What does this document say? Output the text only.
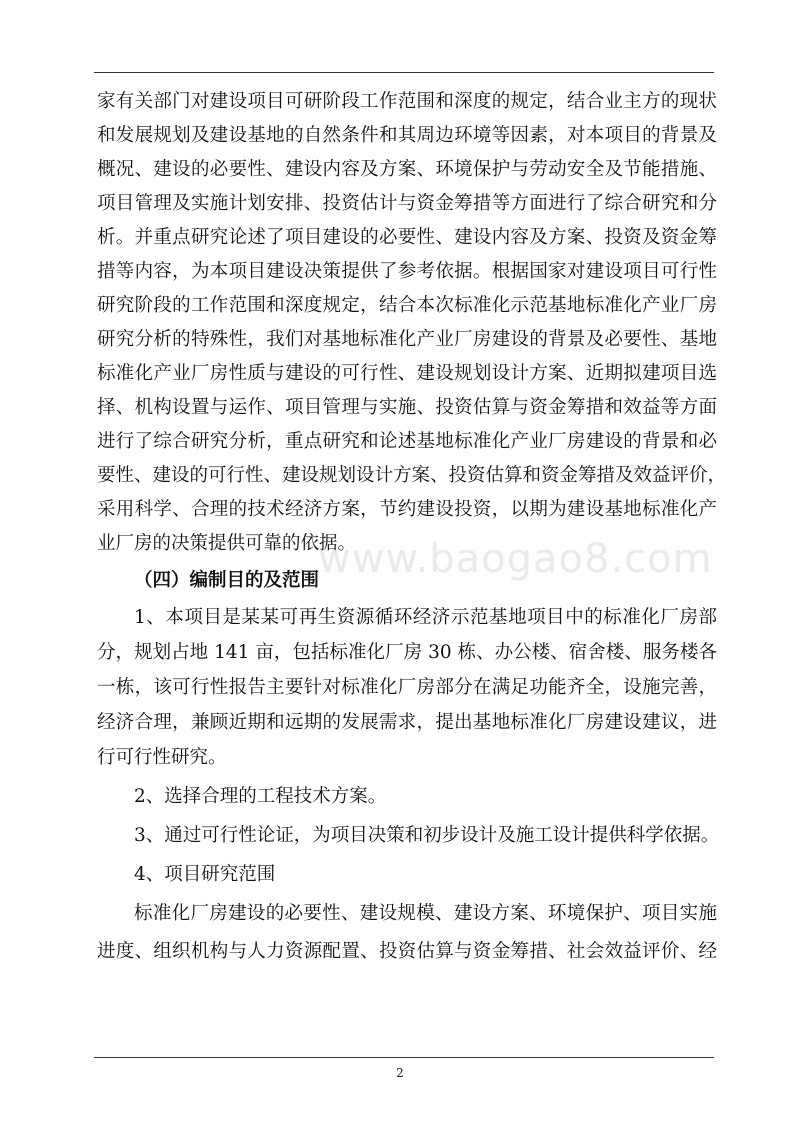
家有关部门对建设项目可研阶段工作范围和深度的规定，结合业主方的现状
和发展规划及建设基地的自然条件和其周边环境等因素，对本项目的背景及
概况、建设的必要性、建设内容及方案、环境保护与劳动安全及节能措施、
项目管理及实施计划安排、投资估计与资金筹措等方面进行了综合研究和分
析。并重点研究论述了项目建设的必要性、建设内容及方案、投资及资金筹
措等内容，为本项目建设决策提供了参考依据。根据国家对建设项目可行性
研究阶段的工作范围和深度规定，结合本次标准化示范基地标准化产业厂房
研究分析的特殊性，我们对基地标准化产业厂房建设的背景及必要性、基地
标准化产业厂房性质与建设的可行性、建设规划设计方案、近期拟建项目选
择、机构设置与运作、项目管理与实施、投资估算与资金筹措和效益等方面
进行了综合研究分析，重点研究和论述基地标准化产业厂房建设的背景和必
要性、建设的可行性、建设规划设计方案、投资估算和资金筹措及效益评价，
采用科学、合理的技术经济方案，节约建设投资，以期为建设基地标准化产
业厂房的决策提供可靠的依据。
（四）编制目的及范围
1、本项目是某某可再生资源循环经济示范基地项目中的标准化厂房部
分，规划占地 141 亩，包括标准化厂房 30 栋、办公楼、宿舍楼、服务楼各
一栋，该可行性报告主要针对标准化厂房部分在满足功能齐全，设施完善，
经济合理，兼顾近期和远期的发展需求，提出基地标准化厂房建设建议，进
行可行性研究。
2、选择合理的工程技术方案。
3、通过可行性论证，为项目决策和初步设计及施工设计提供科学依据。
4、项目研究范围
标准化厂房建设的必要性、建设规模、建设方案、环境保护、项目实施
进度、组织机构与人力资源配置、投资估算与资金筹措、社会效益评价、经
www.baogao8.com
2
